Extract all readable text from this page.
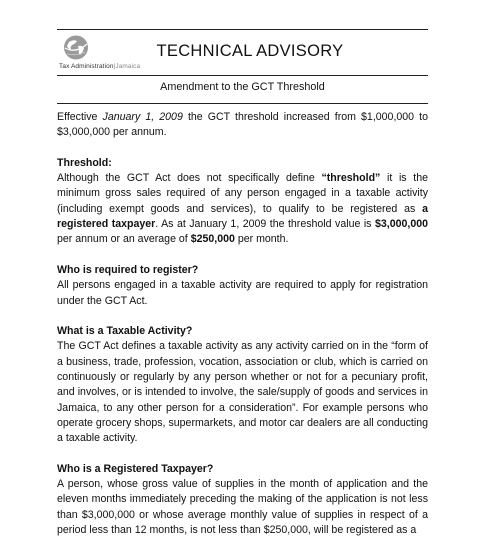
Tax Administration|Jamaica
TECHNICAL ADVISORY
Amendment to the GCT Threshold

Effective January 1, 2009 the GCT threshold increased from $1,000,000 to $3,000,000 per annum.

Threshold:

Although the GCT Act does not specifically define “threshold” it is the minimum gross sales required of any person engaged in a taxable activity (including exempt goods and services), to qualify to be registered as a registered taxpayer. As at January 1, 2009 the threshold value is $3,000,000 per annum or an average of $250,000 per month.

Who is required to register?

All persons engaged in a taxable activity are required to apply for registration under the GCT Act.

What is a Taxable Activity?

The GCT Act defines a taxable activity as any activity carried on in the “form of a business, trade, profession, vocation, association or club, which is carried on continuously or regularly by any person whether or not for a pecuniary profit, and involves, or is intended to involve, the sale/supply of goods and services in Jamaica, to any other person for a consideration”. For example persons who operate grocery shops, supermarkets, and motor car dealers are all conducting a taxable activity.

Who is a Registered Taxpayer?

A person, whose gross value of supplies in the month of application and the eleven months immediately preceding the making of the application is not less than $3,000,000 or whose average monthly value of supplies in respect of a period less than 12 months, is not less than $250,000, will be registered as a
